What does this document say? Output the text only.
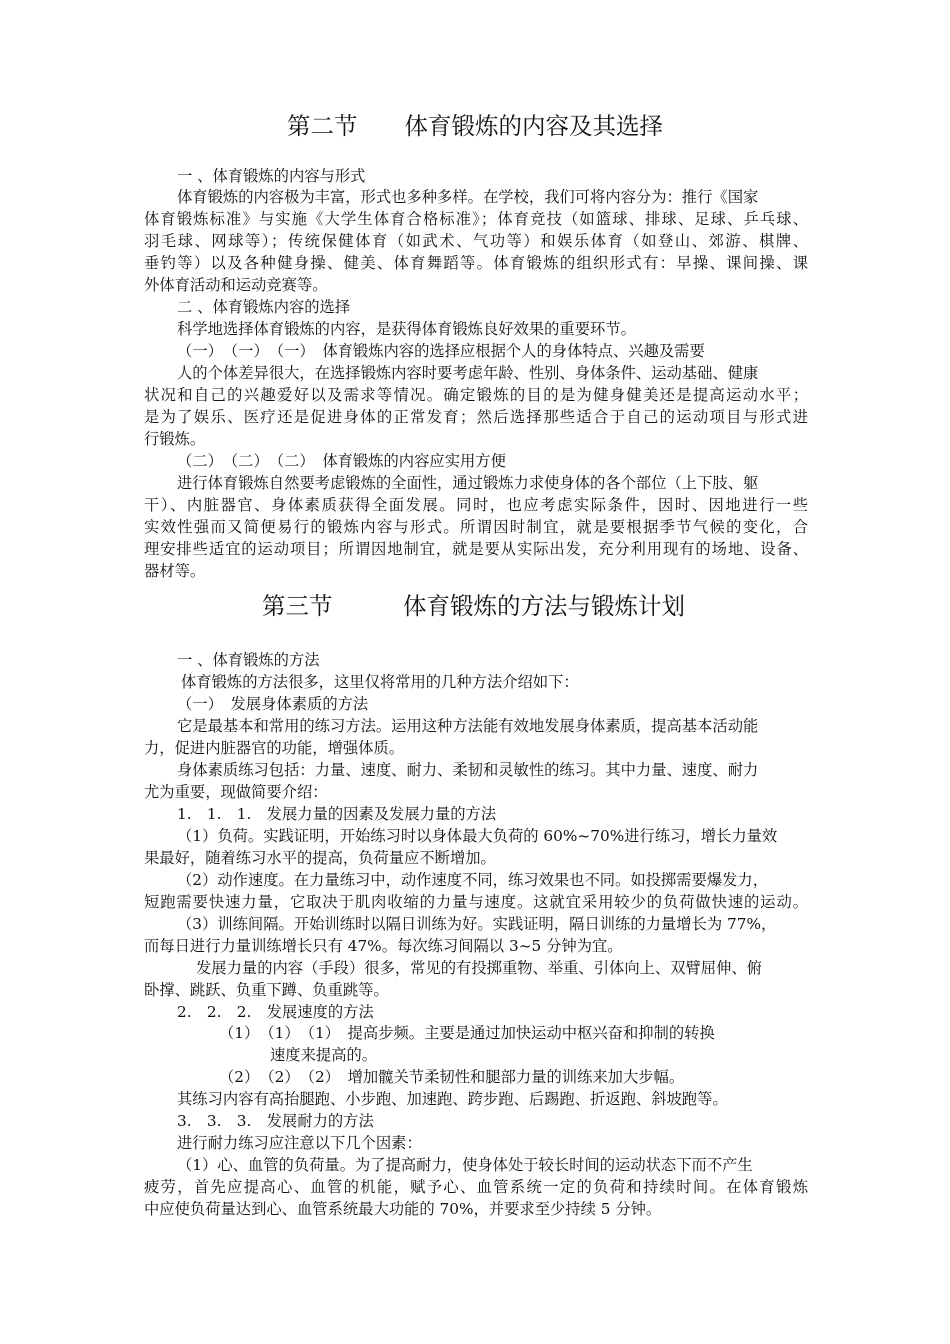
第二节　　体育锻炼的内容及其选择

一 、体育锻炼的内容与形式

体育锻炼的内容极为丰富，形式也多种多样。在学校，我们可将内容分为：推行《国家

体育锻炼标准》与实施《大学生体育合格标准》；体育竞技（如篮球、排球、足球、乒乓球、

羽毛球、网球等）；传统保健体育（如武术、气功等）和娱乐体育（如登山、郊游、棋牌、

垂钓等）以及各种健身操、健美、体育舞蹈等。体育锻炼的组织形式有：早操、课间操、课

外体育活动和运动竞赛等。

二 、体育锻炼内容的选择

科学地选择体育锻炼的内容，是获得体育锻炼良好效果的重要环节。

（一）　（一）　（一）　体育锻炼内容的选择应根据个人的身体特点、兴趣及需要

人的个体差异很大，在选择锻炼内容时要考虑年龄、性别、身体条件、运动基础、健康

状况和自己的兴趣爱好以及需求等情况。确定锻炼的目的是为健身健美还是提高运动水平；

是为了娱乐、医疗还是促进身体的正常发育；然后选择那些适合于自己的运动项目与形式进

行锻炼。

（二）　（二）　（二）　体育锻炼的内容应实用方便

进行体育锻炼自然要考虑锻炼的全面性，通过锻炼力求使身体的各个部位（上下肢、躯

干）、内脏器官、身体素质获得全面发展。同时，也应考虑实际条件，因时、因地进行一些

实效性强而又简便易行的锻炼内容与形式。所谓因时制宜，就是要根据季节气候的变化，合

理安排些适宜的运动项目；所谓因地制宜，就是要从实际出发，充分利用现有的场地、设备、

器材等。

第三节　　　体育锻炼的方法与锻炼计划

一 、体育锻炼的方法

体育锻炼的方法很多，这里仅将常用的几种方法介绍如下：

（一）　发展身体素质的方法

它是最基本和常用的练习方法。运用这种方法能有效地发展身体素质，提高基本活动能

力，促进内脏器官的功能，增强体质。

身体素质练习包括：力量、速度、耐力、柔韧和灵敏性的练习。其中力量、速度、耐力

尤为重要，现做简要介绍：

1.　1.　1.　发展力量的因素及发展力量的方法

（1）负荷。实践证明，开始练习时以身体最大负荷的 60%~70%进行练习，增长力量效

果最好，随着练习水平的提高，负荷量应不断增加。

（2）动作速度。在力量练习中，动作速度不同，练习效果也不同。如投掷需要爆发力，

短跑需要快速力量，它取决于肌肉收缩的力量与速度。这就宜采用较少的负荷做快速的运动。

（3）训练间隔。开始训练时以隔日训练为好。实践证明，隔日训练的力量增长为 77%，

而每日进行力量训练增长只有 47%。每次练习间隔以 3~5 分钟为宜。

发展力量的内容（手段）很多，常见的有投掷重物、举重、引体向上、双臂屈伸、俯

卧撑、跳跃、负重下蹲、负重跳等。

2.　2.　2.　发展速度的方法

（1）　（1）　（1）　提高步频。主要是通过加快运动中枢兴奋和抑制的转换

速度来提高的。

（2）　（2）　（2）　增加髋关节柔韧性和腿部力量的训练来加大步幅。

其练习内容有高抬腿跑、小步跑、加速跑、跨步跑、后踢跑、折返跑、斜坡跑等。

3.　3.　3.　发展耐力的方法

进行耐力练习应注意以下几个因素：

（1）心、血管的负荷量。为了提高耐力，使身体处于较长时间的运动状态下而不产生

疲劳，首先应提高心、血管的机能，赋予心、血管系统一定的负荷和持续时间。在体育锻炼

中应使负荷量达到心、血管系统最大功能的 70%，并要求至少持续 5 分钟。
